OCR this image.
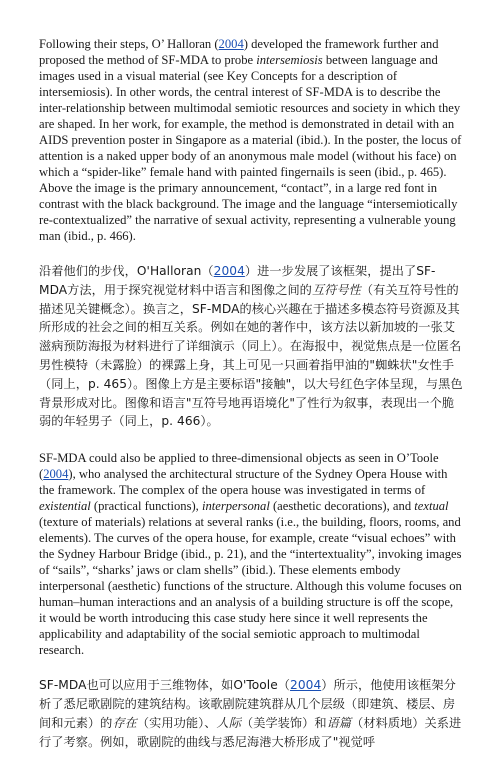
Following their steps, O’ Halloran (2004) developed the framework further and proposed the method of SF-MDA to probe intersemiosis between language and images used in a visual material (see Key Concepts for a description of intersemiosis). In other words, the central interest of SF-MDA is to describe the inter-relationship between multimodal semiotic resources and society in which they are shaped. In her work, for example, the method is demonstrated in detail with an AIDS prevention poster in Singapore as a material (ibid.). In the poster, the locus of attention is a naked upper body of an anonymous male model (without his face) on which a “spider-like” female hand with painted fingernails is seen (ibid., p. 465). Above the image is the primary announcement, “contact”, in a large red font in contrast with the black background. The image and the language “intersemiotically re-contextualized” the narrative of sexual activity, representing a vulnerable young man (ibid., p. 466).

沿着他们的步伐，O'Halloran（2004）进一步发展了该框架，提出了SF-MDA方法，用于探究视觉材料中语言和图像之间的互符号性（有关互符号性的描述见关键概念）。换言之，SF-MDA的核心兴趣在于描述多模态符号资源及其所形成的社会之间的相互关系。例如在她的著作中，该方法以新加坡的一张艾滋病预防海报为材料进行了详细演示（同上）。在海报中，视觉焦点是一位匿名男性模特（未露脸）的裸露上身，其上可见一只画着指甲油的"蜘蛛状"女性手（同上，p. 465）。图像上方是主要标语"接触"，以大号红色字体呈现，与黑色背景形成对比。图像和语言"互符号地再语境化"了性行为叙事，表现出一个脆弱的年轻男子（同上，p. 466）。

SF-MDA could also be applied to three-dimensional objects as seen in O’Toole (2004), who analysed the architectural structure of the Sydney Opera House with the framework. The complex of the opera house was investigated in terms of existential (practical functions), interpersonal (aesthetic decorations), and textual (texture of materials) relations at several ranks (i.e., the building, floors, rooms, and elements). The curves of the opera house, for example, create “visual echoes” with the Sydney Harbour Bridge (ibid., p. 21), and the “intertextuality”, invoking images of “sails”, “sharks’ jaws or clam shells” (ibid.). These elements embody interpersonal (aesthetic) functions of the structure. Although this volume focuses on human–human interactions and an analysis of a building structure is off the scope, it would be worth introducing this case study here since it well represents the applicability and adaptability of the social semiotic approach to multimodal research.

SF-MDA也可以应用于三维物体，如O'Toole（2004）所示，他使用该框架分析了悉尼歌剧院的建筑结构。该歌剧院建筑群从几个层级（即建筑、楼层、房间和元素）的存在（实用功能）、人际（美学装饰）和语篇（材料质地）关系进行了考察。例如，歌剧院的曲线与悉尼海港大桥形成了"视觉呼
